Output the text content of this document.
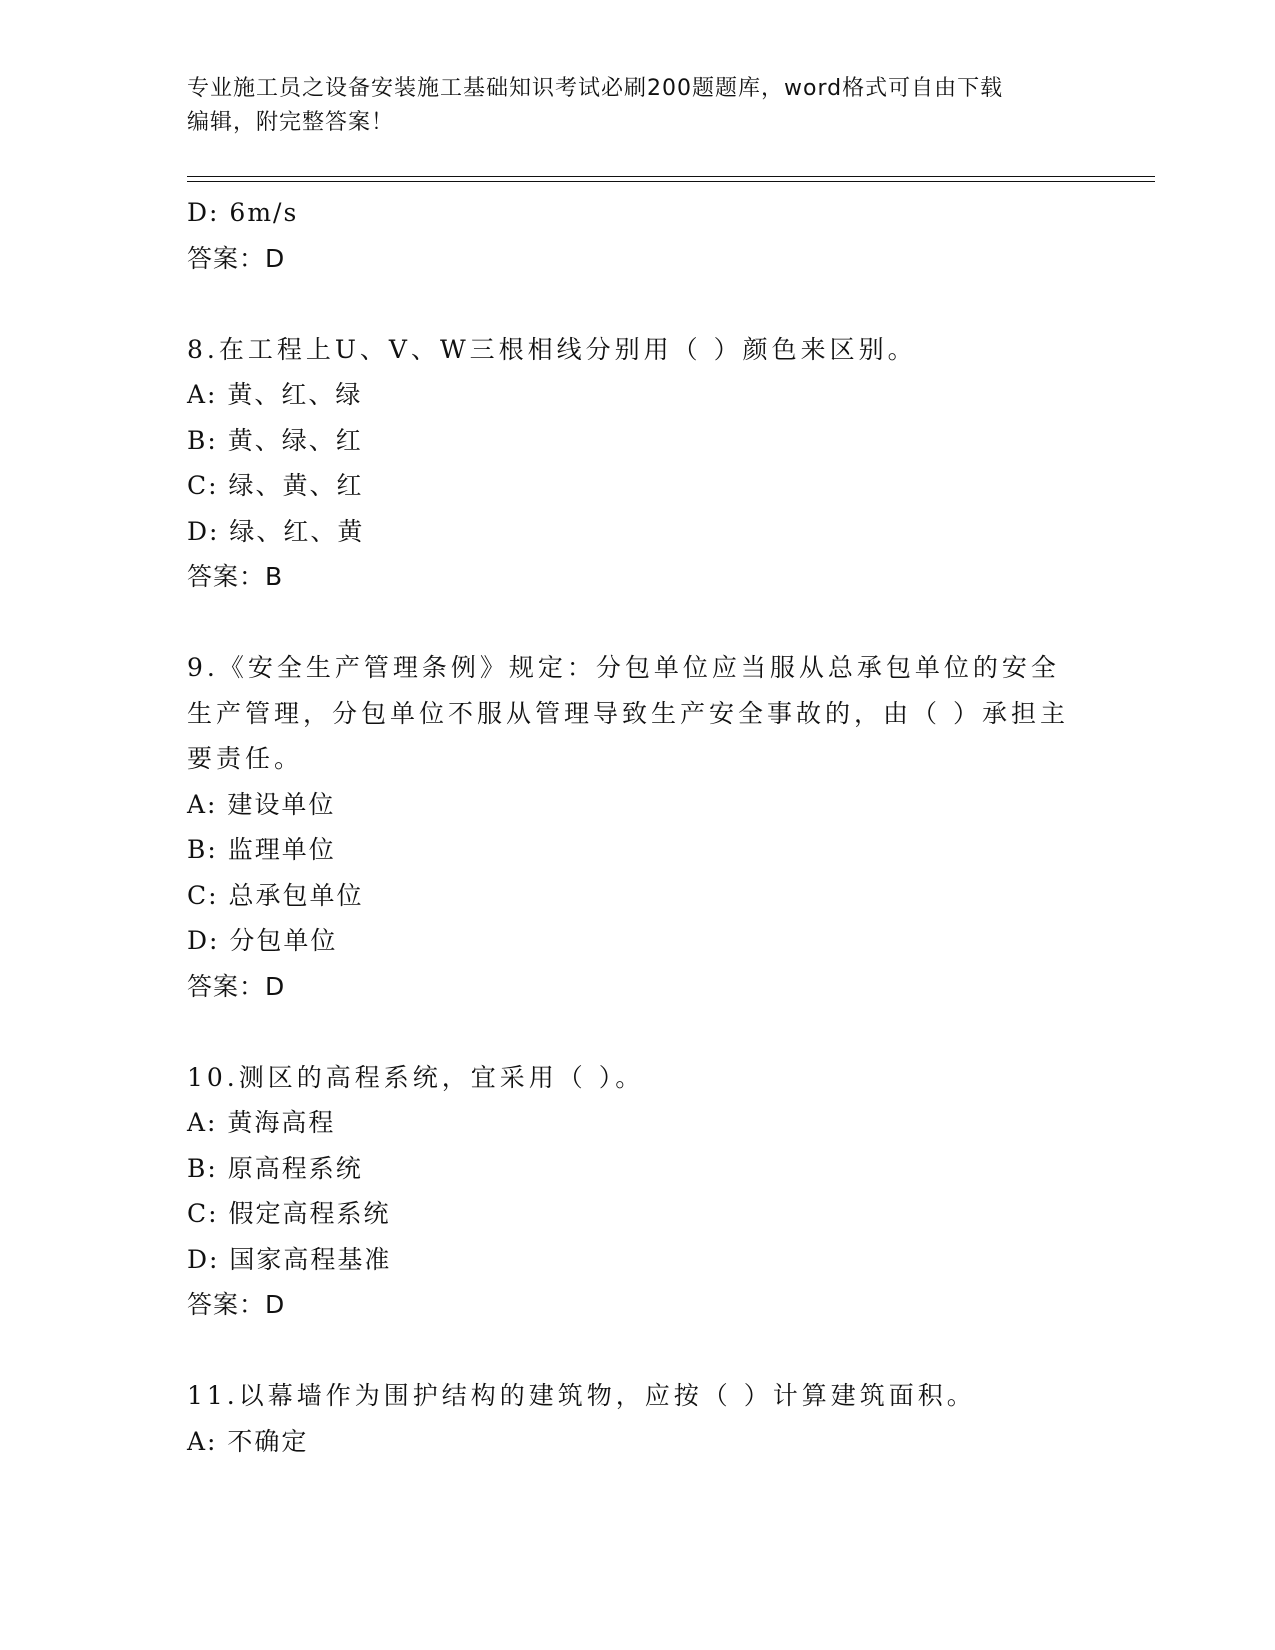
专业施工员之设备安装施工基础知识考试必刷200题题库，word格式可自由下载
编辑，附完整答案！
D: 6m/s
答案：D
8.在工程上U、V、W三根相线分别用（ ）颜色来区别。
A: 黄、红、绿
B: 黄、绿、红
C: 绿、黄、红
D: 绿、红、黄
答案：B
9.《安全生产管理条例》规定：分包单位应当服从总承包单位的安全
生产管理，分包单位不服从管理导致生产安全事故的，由（ ）承担主
要责任。
A: 建设单位
B: 监理单位
C: 总承包单位
D: 分包单位
答案：D
10.测区的高程系统，宜采用（ ）。
A: 黄海高程
B: 原高程系统
C: 假定高程系统
D: 国家高程基准
答案：D
11.以幕墙作为围护结构的建筑物，应按（ ）计算建筑面积。
A: 不确定
